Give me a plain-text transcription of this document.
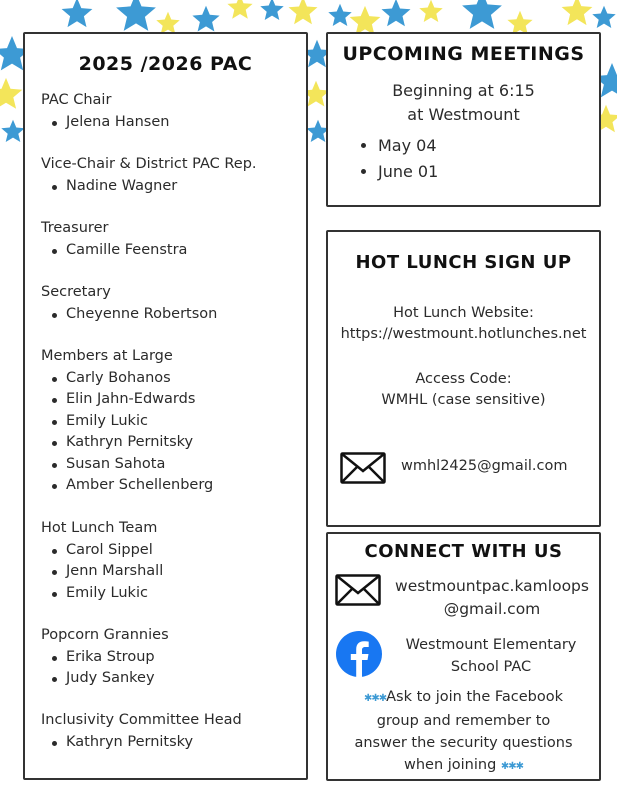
2025 /2026 PAC
PAC Chair
Jelena Hansen
Vice-Chair & District PAC Rep.
Nadine Wagner
Treasurer
Camille Feenstra
Secretary
Cheyenne Robertson
Members at Large
Carly Bohanos
Elin Jahn-Edwards
Emily Lukic
Kathryn Pernitsky
Susan Sahota
Amber Schellenberg
Hot Lunch Team
Carol Sippel
Jenn Marshall
Emily Lukic
Popcorn Grannies
Erika Stroup
Judy Sankey
Inclusivity Committee Head
Kathryn Pernitsky
UPCOMING MEETINGS
Beginning at 6:15
at Westmount
• May 04
• June 01
HOT LUNCH SIGN UP
Hot Lunch Website:
https://westmount.hotlunches.net
Access Code:
WMHL (case sensitive)
wmhl2425@gmail.com
CONNECT WITH US
westmountpac.kamloops
@gmail.com
Westmount Elementary
School PAC
✱✱✱Ask to join the Facebook
group and remember to
answer the security questions
when joining ✱✱✱
